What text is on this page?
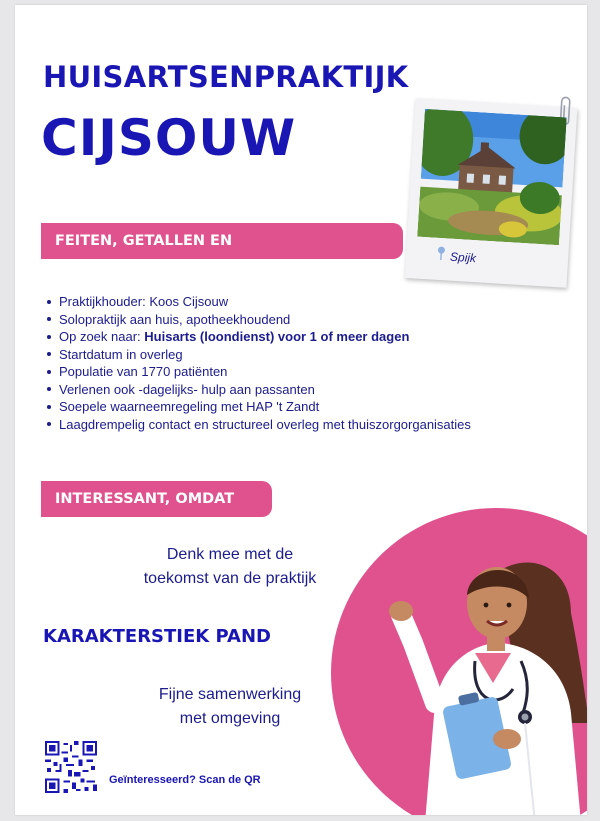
HUISARTSENPRAKTIJK
CIJSOUW
FEITEN, GETALLEN EN OPVALLENDHEDEN
Praktijkhouder: Koos Cijsouw
Solopraktijk aan huis, apotheekhoudend
Op zoek naar: Huisarts (loondienst) voor 1 of meer dagen
Startdatum in overleg
Populatie van 1770 patiënten
Verlenen ook -dagelijks- hulp aan passanten
Soepele waarneemregeling met HAP 't Zandt
Laagdrempelig contact en structureel overleg met thuiszorgorganisaties
Spijk
INTERESSANT, OMDAT
Denk mee met de
toekomst van de praktijk
KARAKTERSTIEK PAND
Fijne samenwerking
met omgeving
Geïnteresseerd? Scan de QR
